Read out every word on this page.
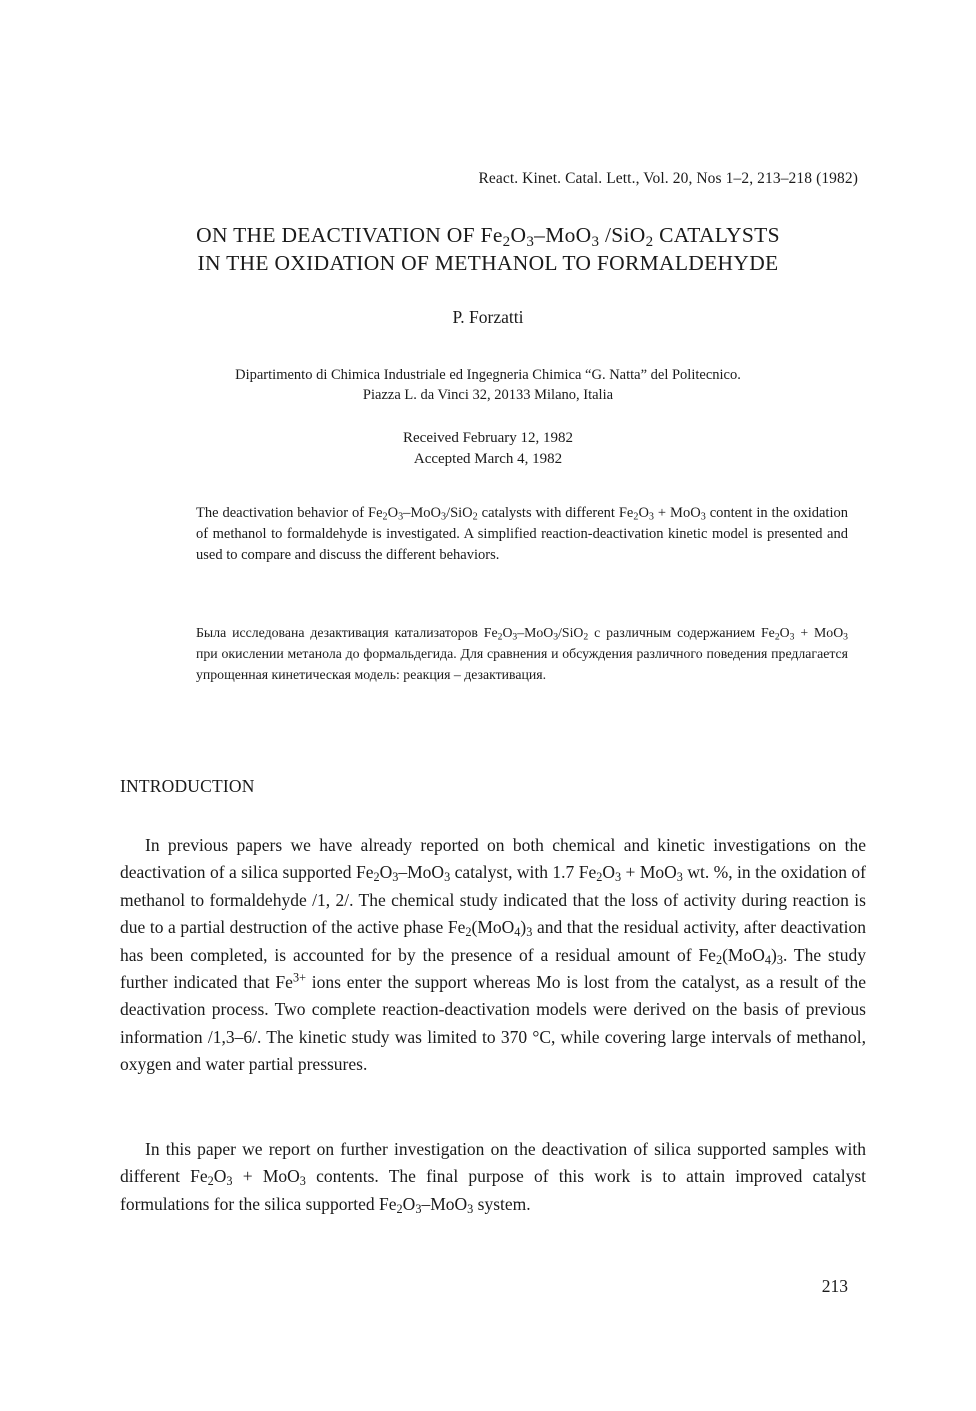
React. Kinet. Catal. Lett., Vol. 20, Nos 1–2, 213–218 (1982)
ON THE DEACTIVATION OF $Fe_2O_3-MoO_3$ /SiO$_2$ CATALYSTS
IN THE OXIDATION OF METHANOL TO FORMALDEHYDE
P. Forzatti
Dipartimento di Chimica Industriale ed Ingegneria Chimica “G. Natta” del Politecnico.
Piazza L. da Vinci 32, 20133 Milano, Italia
Received February 12, 1982
Accepted March 4, 1982
The deactivation behavior of $Fe_2O_3-MoO_3/SiO_2$ catalysts with different $Fe_2O_3 + MoO_3$ content in the oxidation of methanol to formaldehyde is investigated. A simplified reaction-deactivation kinetic model is presented and used to compare and discuss the different behaviors.
Была исследована дезактивация катализаторов $Fe_2O_3-MoO_3/SiO_2$ с различным содержанием $Fe_2O_3 + MoO_3$ при окислении метанола до формальдегида. Для сравнения и обсуждения различного поведения предлагается упрощенная кинетическая модель: реакция – дезактивация.
INTRODUCTION

In previous papers we have already reported on both chemical and kinetic investigations on the deactivation of a silica supported $Fe_2O_3-MoO_3$ catalyst, with 1.7 $Fe_2O_3 + MoO_3$ wt. %, in the oxidation of methanol to formaldehyde /1, 2/. The chemical study indicated that the loss of activity during reaction is due to a partial destruction of the active phase $Fe_2(MoO_4)_3$ and that the residual activity, after deactivation has been completed, is accounted for by the presence of a residual amount of $Fe_2(MoO_4)_3$. The study further indicated that $Fe^{3+}$ ions enter the support whereas Mo is lost from the catalyst, as a result of the deactivation process. Two complete reaction-deactivation models were derived on the basis of previous information /1,3–6/. The kinetic study was limited to 370 °C, while covering large intervals of methanol, oxygen and water partial pressures.

In this paper we report on further investigation on the deactivation of silica supported samples with different $Fe_2O_3 + MoO_3$ contents. The final purpose of this work is to attain improved catalyst formulations for the silica supported $Fe_2O_3-MoO_3$ system.

213
